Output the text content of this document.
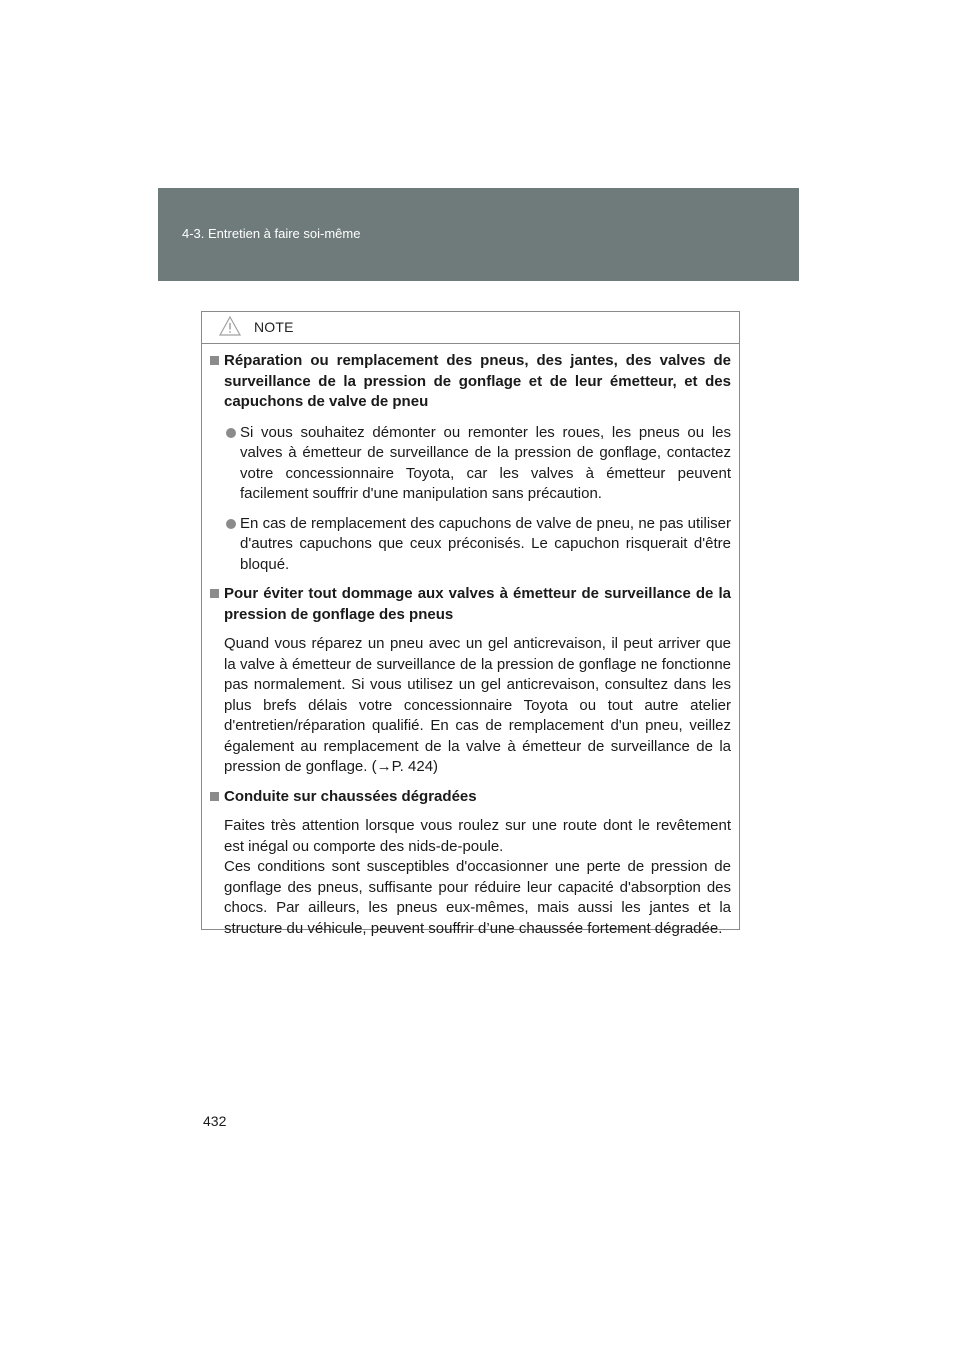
4-3. Entretien à faire soi-même
NOTE
Réparation ou remplacement des pneus, des jantes, des valves de surveillance de la pression de gonflage et de leur émetteur, et des capuchons de valve de pneu
Si vous souhaitez démonter ou remonter les roues, les pneus ou les valves à émetteur de surveillance de la pression de gonflage, contactez votre concessionnaire Toyota, car les valves à émetteur peuvent facilement souffrir d'une manipulation sans précaution.
En cas de remplacement des capuchons de valve de pneu, ne pas utiliser d'autres capuchons que ceux préconisés. Le capuchon risquerait d'être bloqué.
Pour éviter tout dommage aux valves à émetteur de surveillance de la pression de gonflage des pneus
Quand vous réparez un pneu avec un gel anticrevaison, il peut arriver que la valve à émetteur de surveillance de la pression de gonflage ne fonctionne pas normalement. Si vous utilisez un gel anticrevaison, consultez dans les plus brefs délais votre concessionnaire Toyota ou tout autre atelier d'entretien/réparation qualifié. En cas de remplacement d'un pneu, veillez également au remplacement de la valve à émetteur de surveillance de la pression de gonflage. (→P. 424)
Conduite sur chaussées dégradées
Faites très attention lorsque vous roulez sur une route dont le revêtement est inégal ou comporte des nids-de-poule.
Ces conditions sont susceptibles d'occasionner une perte de pression de gonflage des pneus, suffisante pour réduire leur capacité d'absorption des chocs. Par ailleurs, les pneus eux-mêmes, mais aussi les jantes et la structure du véhicule, peuvent souffrir d’une chaussée fortement dégradée.
432
